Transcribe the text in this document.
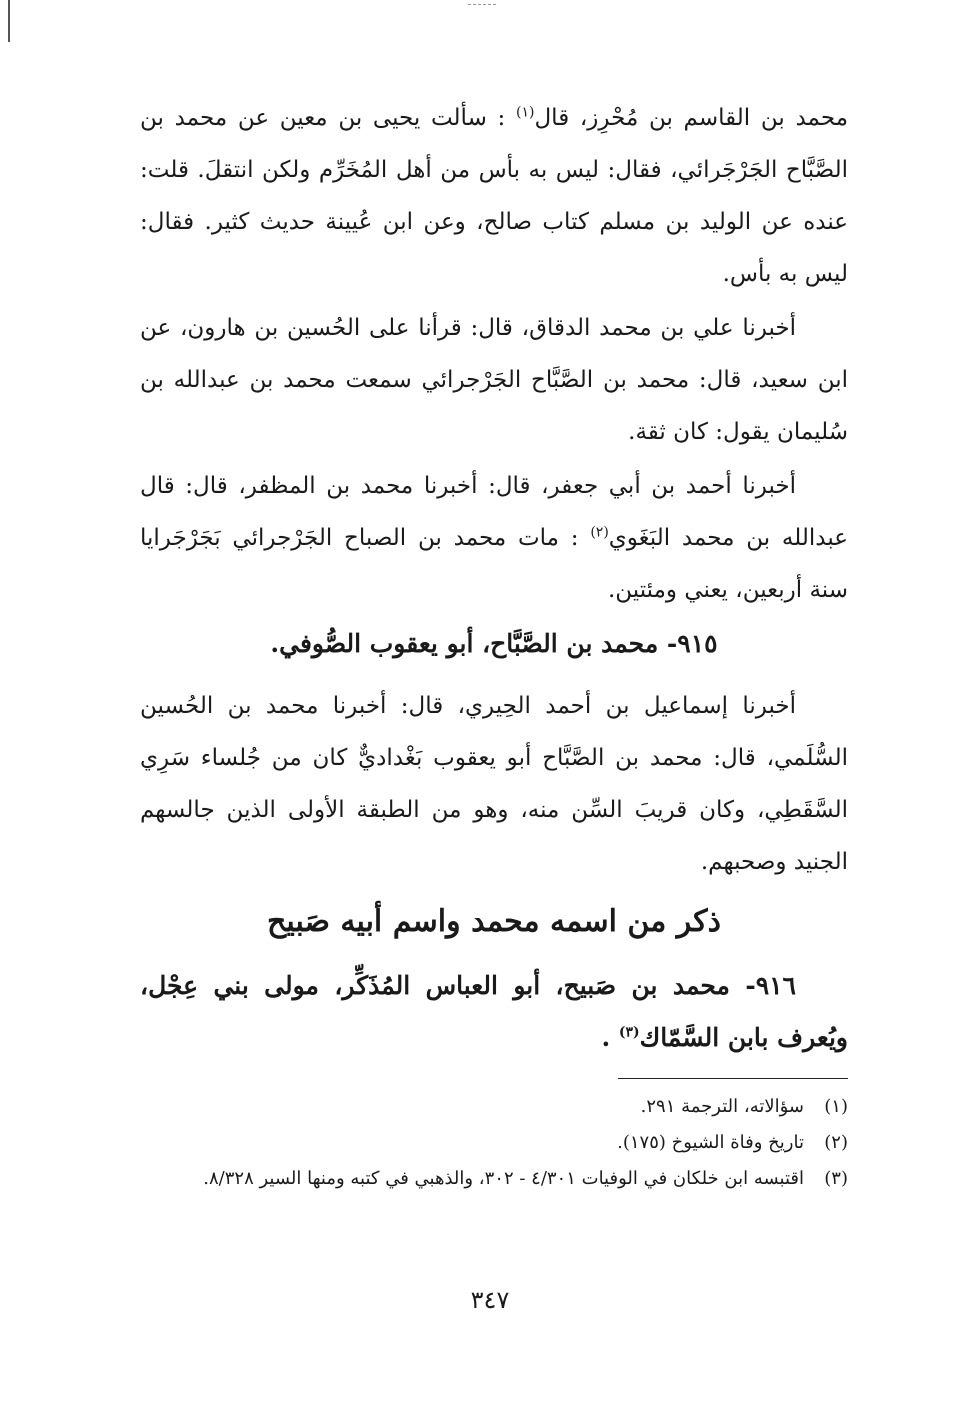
محمد بن القاسم بن مُحْرِز، قال$^{(١)}$ : سألت يحيى بن معين عن محمد بن الصَّبَّاح الجَرْجَرائي، فقال: ليس به بأس من أهل المُخَرِّم ولكن انتقلَ. قلت: عنده عن الوليد بن مسلم كتاب صالح، وعن ابن عُيينة حديث كثير. فقال: ليس به بأس.

أخبرنا علي بن محمد الدقاق، قال: قرأنا على الحُسين بن هارون، عن ابن سعيد، قال: محمد بن الصَّبَّاح الجَرْجرائي سمعت محمد بن عبدالله بن سُليمان يقول: كان ثقة.

أخبرنا أحمد بن أبي جعفر، قال: أخبرنا محمد بن المظفر، قال: قال عبدالله بن محمد البَغَوي$^{(٢)}$ : مات محمد بن الصباح الجَرْجرائي بَجَرْجَرايا سنة أربعين، يعني ومئتين.

٩١٥- محمد بن الصَّبَّاح، أبو يعقوب الصُّوفي.

أخبرنا إسماعيل بن أحمد الحِيري، قال: أخبرنا محمد بن الحُسين السُّلَمي، قال: محمد بن الصَّبَّاح أبو يعقوب بَغْداديٌّ كان من جُلساء سَرِي السَّقَطِي، وكان قريبَ السِّن منه، وهو من الطبقة الأولى الذين جالسهم الجنيد وصحبهم.

ذكر من اسمه محمد واسم أبيه صَبيح

٩١٦- محمد بن صَبيح، أبو العباس المُذَكِّر، مولى بني عِجْل، ويُعرف بابن السَّمّاك$^{(٣)}$ .

(١)سؤالاته، الترجمة ٢٩١.

(٢)تاريخ وفاة الشيوخ (١٧٥).

(٣)اقتبسه ابن خلكان في الوفيات ٤/٣٠١ - ٣٠٢، والذهبي في كتبه ومنها السير ٨/٣٢٨.

٣٤٧
